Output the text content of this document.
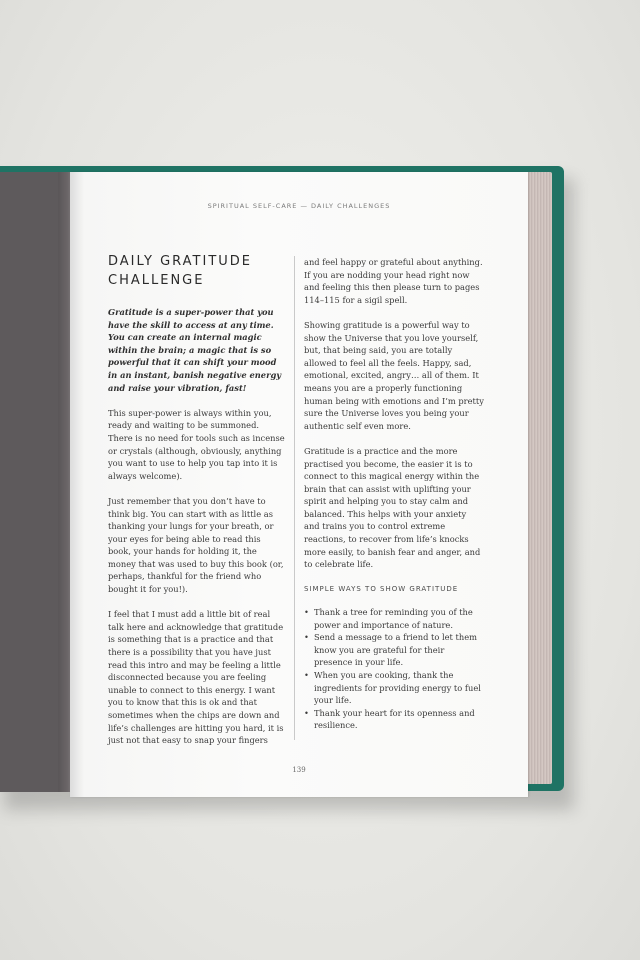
SPIRITUAL SELF-CARE — DAILY CHALLENGES
DAILY GRATITUDE
CHALLENGE

Gratitude is a super-power that you have the skill to access at any time. You can create an internal magic within the brain; a magic that is so powerful that it can shift your mood in an instant, banish negative energy and raise your vibration, fast!

This super-power is always within you, ready and waiting to be summoned. There is no need for tools such as incense or crystals (although, obviously, anything you want to use to help you tap into it is always welcome).

Just remember that you don’t have to think big. You can start with as little as thanking your lungs for your breath, or your eyes for being able to read this book, your hands for holding it, the money that was used to buy this book (or, perhaps, thankful for the friend who bought it for you!).

I feel that I must add a little bit of real talk here and acknowledge that gratitude is something that is a practice and that there is a possibility that you have just read this intro and may be feeling a little disconnected because you are feeling unable to connect to this energy. I want you to know that this is ok and that sometimes when the chips are down and life’s challenges are hitting you hard, it is just not that easy to snap your fingers

and feel happy or grateful about anything. If you are nodding your head right now and feeling this then please turn to pages 114–115 for a sigil spell.

Showing gratitude is a powerful way to show the Universe that you love yourself, but, that being said, you are totally allowed to feel all the feels. Happy, sad, emotional, excited, angry… all of them. It means you are a properly functioning human being with emotions and I’m pretty sure the Universe loves you being your authentic self even more.

Gratitude is a practice and the more practised you become, the easier it is to connect to this magical energy within the brain that can assist with uplifting your spirit and helping you to stay calm and balanced. This helps with your anxiety and trains you to control extreme reactions, to recover from life’s knocks more easily, to banish fear and anger, and to celebrate life.

SIMPLE WAYS TO SHOW GRATITUDE
• Thank a tree for reminding you of the power and importance of nature.
• Send a message to a friend to let them know you are grateful for their presence in your life.
• When you are cooking, thank the ingredients for providing energy to fuel your life.
• Thank your heart for its openness and resilience.
139
